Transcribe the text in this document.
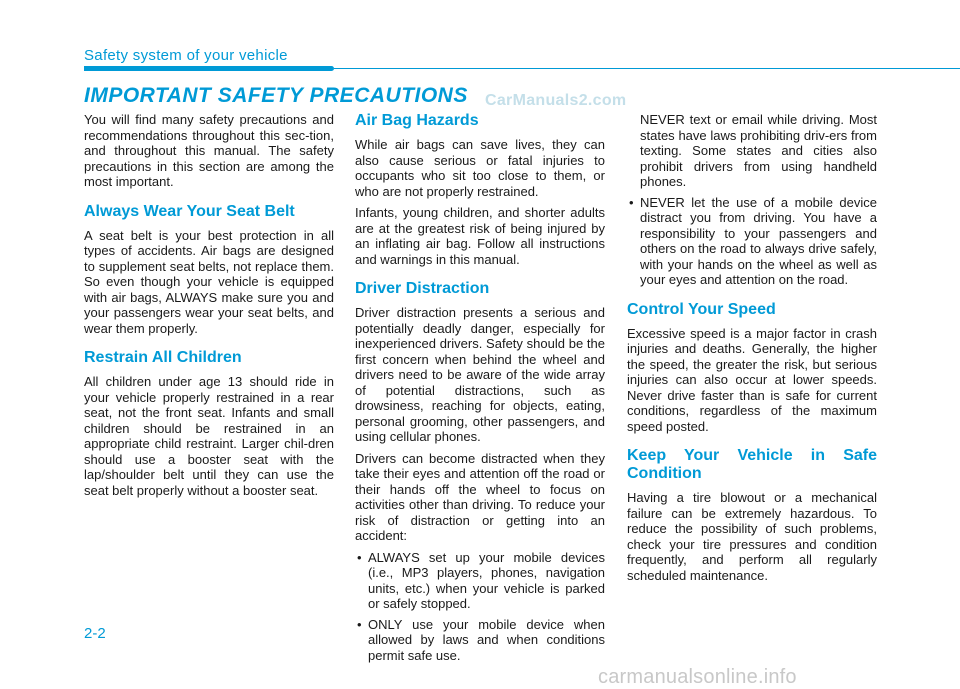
Safety system of your vehicle
IMPORTANT SAFETY PRECAUTIONS CarManuals2.com

You will find many safety precautions and recommendations throughout this sec-tion, and throughout this manual. The safety precautions in this section are among the most important.

Always Wear Your Seat Belt

A seat belt is your best protection in all types of accidents. Air bags are designed to supplement seat belts, not replace them. So even though your vehicle is equipped with air bags, ALWAYS make sure you and your passengers wear your seat belts, and wear them properly.

Restrain All Children

All children under age 13 should ride in your vehicle properly restrained in a rear seat, not the front seat. Infants and small children should be restrained in an appropriate child restraint. Larger chil-dren should use a booster seat with the lap/shoulder belt until they can use the seat belt properly without a booster seat.

Air Bag Hazards

While air bags can save lives, they can also cause serious or fatal injuries to occupants who sit too close to them, or who are not properly restrained.

Infants, young children, and shorter adults are at the greatest risk of being injured by an inflating air bag. Follow all instructions and warnings in this manual.

Driver Distraction

Driver distraction presents a serious and potentially deadly danger, especially for inexperienced drivers. Safety should be the first concern when behind the wheel and drivers need to be aware of the wide array of potential distractions, such as drowsiness, reaching for objects, eating, personal grooming, other passengers, and using cellular phones.

Drivers can become distracted when they take their eyes and attention off the road or their hands off the wheel to focus on activities other than driving. To reduce your risk of distraction or getting into an accident:

• ALWAYS set up your mobile devices (i.e., MP3 players, phones, navigation units, etc.) when your vehicle is parked or safely stopped.
• ONLY use your mobile device when allowed by laws and when conditions permit safe use.

NEVER text or email while driving. Most states have laws prohibiting driv-ers from texting. Some states and cities also prohibit drivers from using handheld phones.

• NEVER let the use of a mobile device distract you from driving. You have a responsibility to your passengers and others on the road to always drive safely, with your hands on the wheel as well as your eyes and attention on the road.
Control Your Speed

Excessive speed is a major factor in crash injuries and deaths. Generally, the higher the speed, the greater the risk, but serious injuries can also occur at lower speeds. Never drive faster than is safe for current conditions, regardless of the maximum speed posted.

Keep Your Vehicle in Safe Condition

Having a tire blowout or a mechanical failure can be extremely hazardous. To reduce the possibility of such problems, check your tire pressures and condition frequently, and perform all regularly scheduled maintenance.

2-2
carmanualsonline.info
